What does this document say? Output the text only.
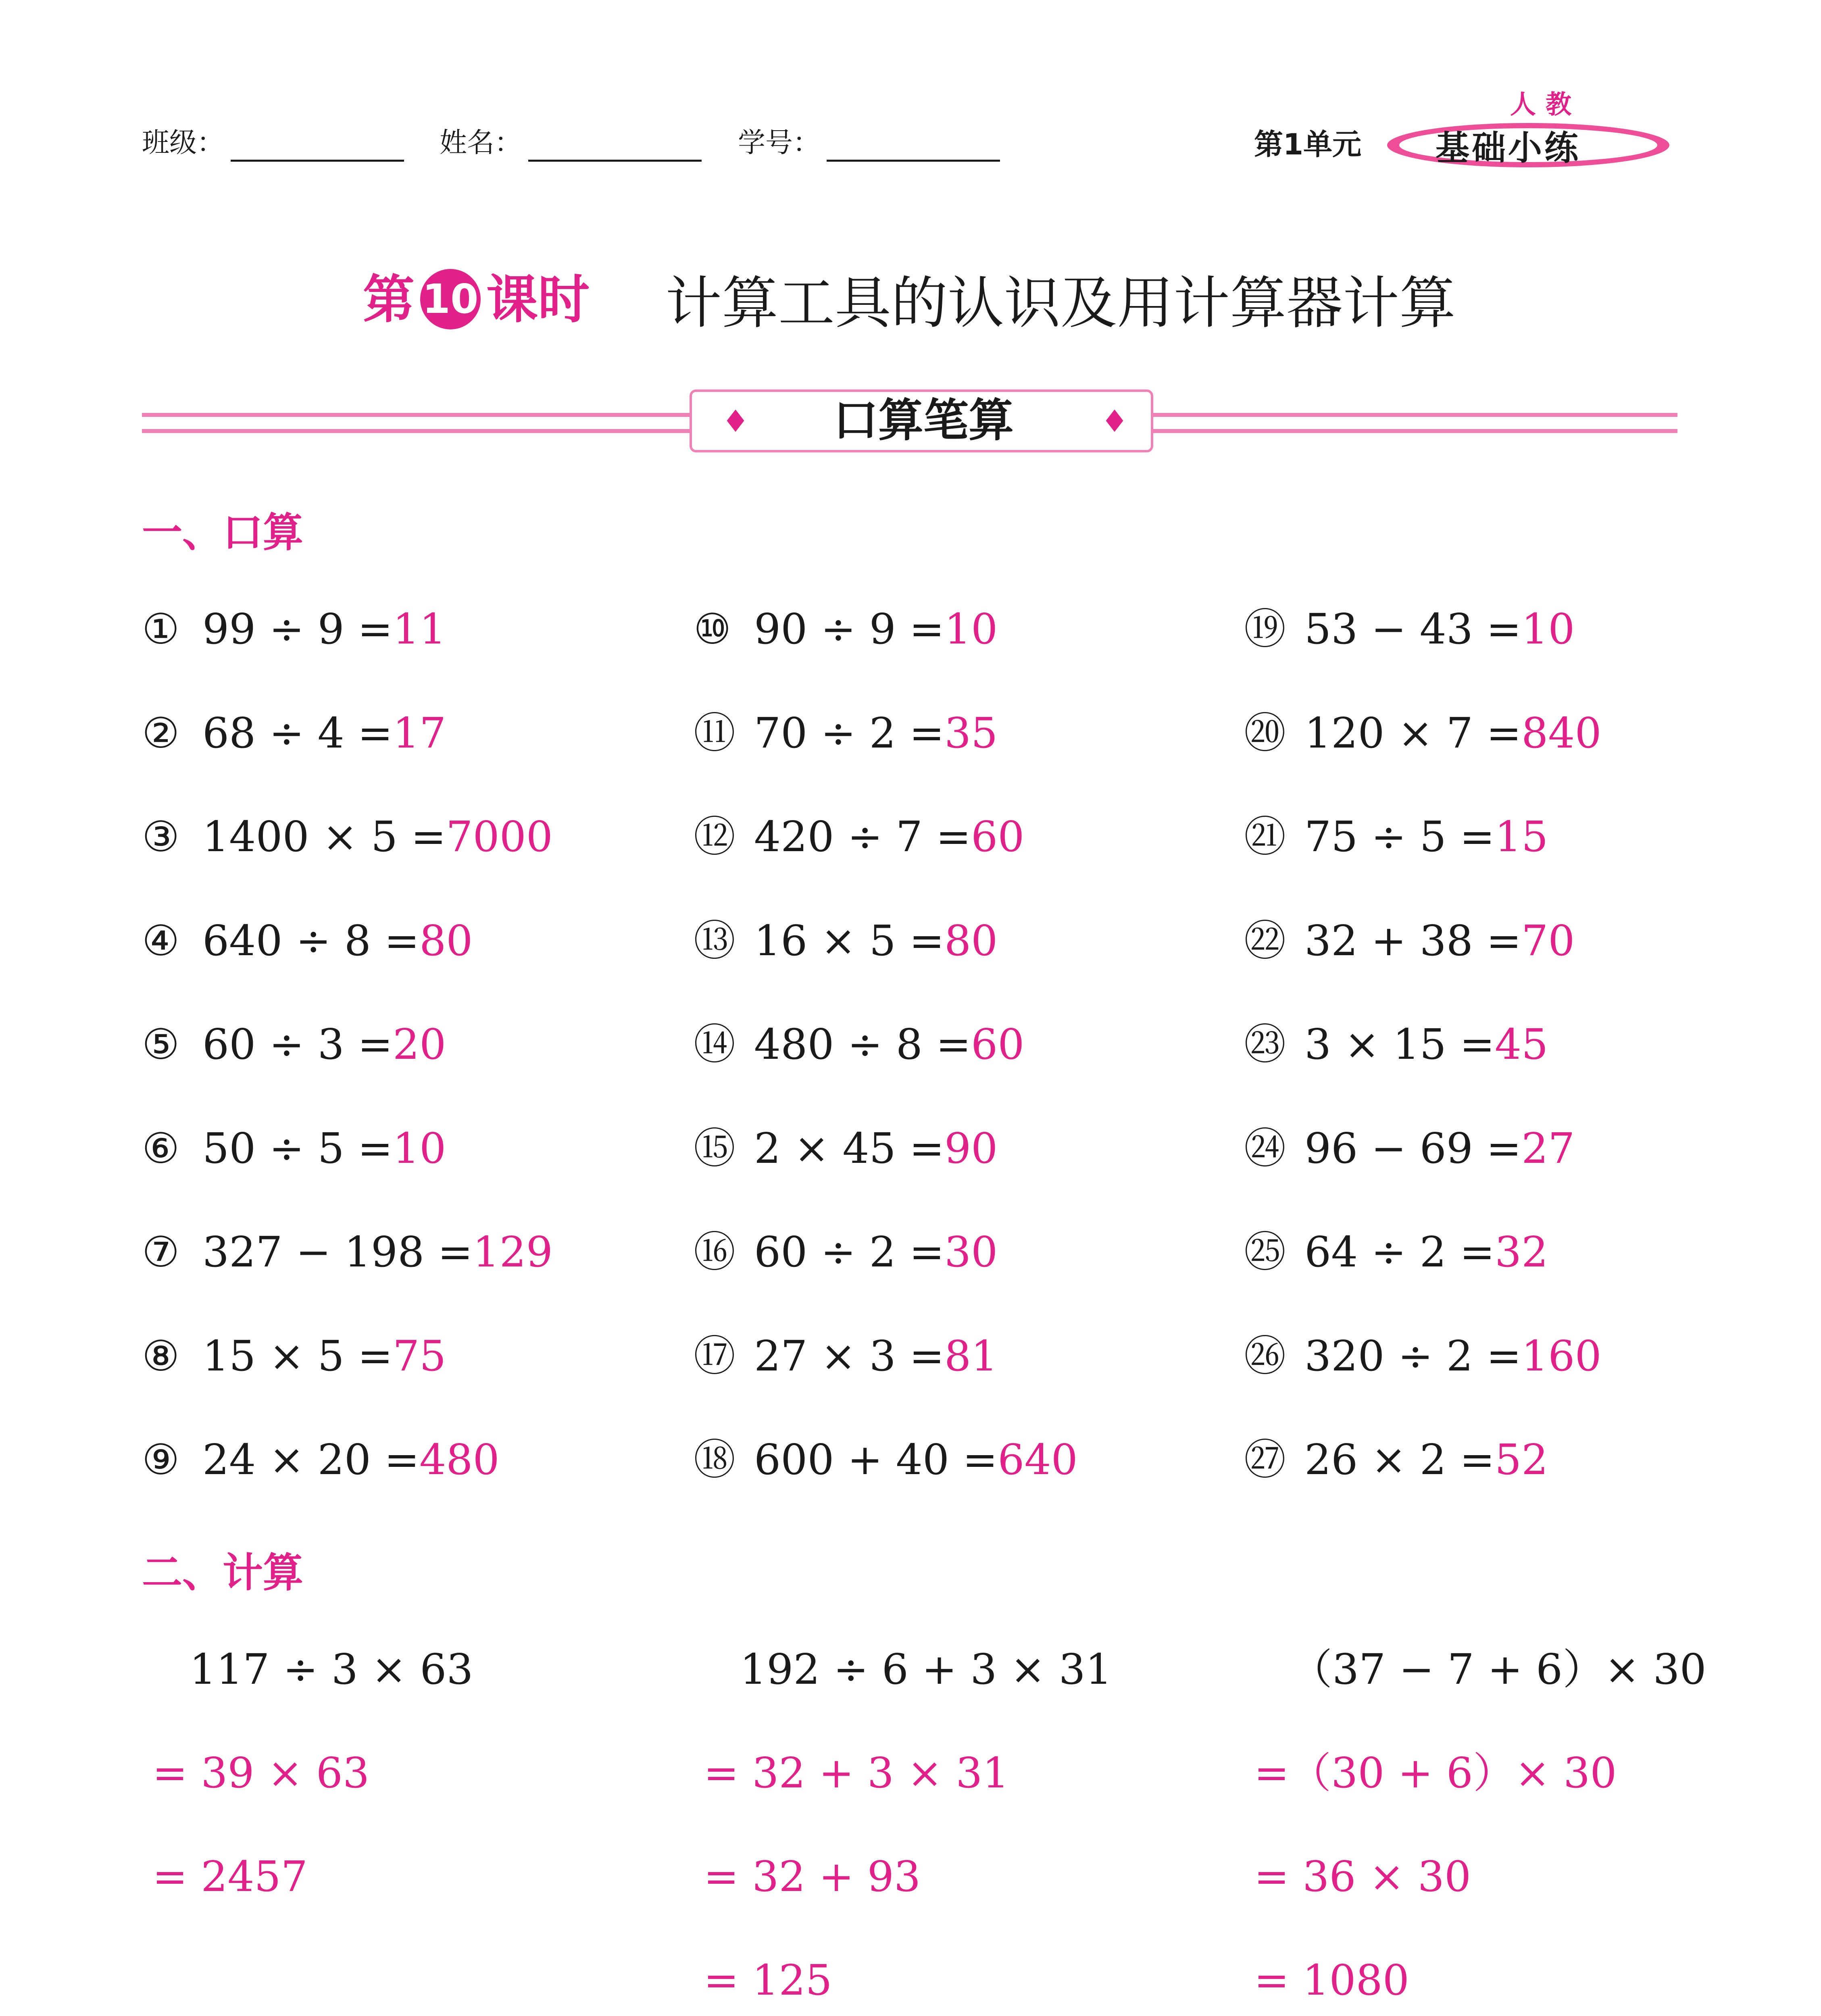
班级：	姓名：	学号：	第1单元
人教
基础小练
第 10 课时 计算工具的认识及用计算器计算
♦	口算笔算	♦
一、口算
① 99 ÷ 9 =11
② 68 ÷ 4 =17
③ 1400 × 5 =7000
④ 640 ÷ 8 =80
⑤ 60 ÷ 3 =20
⑥ 50 ÷ 5 =10
⑦ 327 − 198 =129
⑧ 15 × 5 =75
⑨ 24 × 20 =480
⑩ 90 ÷ 9 =10
⑪ 70 ÷ 2 =35
⑫ 420 ÷ 7 =60
⑬ 16 × 5 =80
⑭ 480 ÷ 8 =60
⑮ 2 × 45 =90
⑯ 60 ÷ 2 =30
⑰ 27 × 3 =81
⑱ 600 + 40 =640
⑲ 53 − 43 =10
⑳ 120 × 7 =840
㉑ 75 ÷ 5 =15
㉒ 32 + 38 =70
㉓ 3 × 15 =45
㉔ 96 − 69 =27
㉕ 64 ÷ 2 =32
㉖ 320 ÷ 2 =160
㉗ 26 × 2 =52
二、计算
117 ÷ 3 × 63
= 39 × 63
= 2457
192 ÷ 6 + 3 × 31
= 32 + 3 × 31
= 32 + 93
= 125
（37 − 7 + 6）× 30
=（30 + 6）× 30
= 36 × 30
= 1080
